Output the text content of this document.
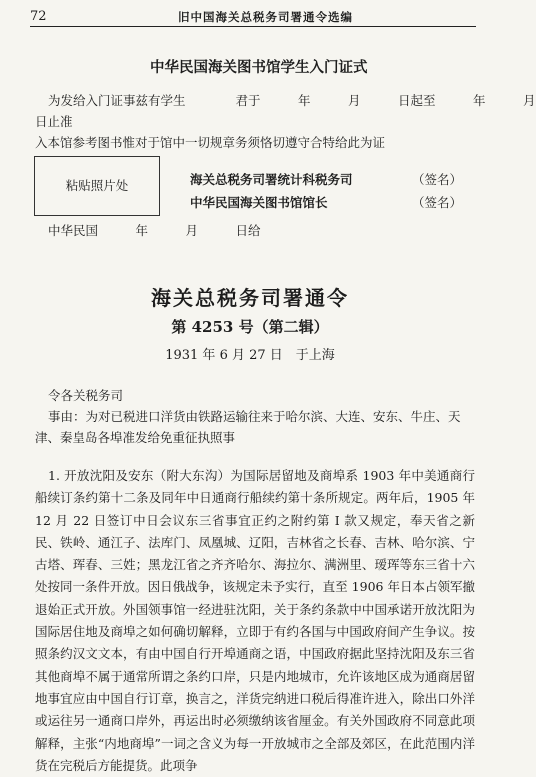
72	旧中国海关总税务司署通令选编
中华民国海关图书馆学生入门证式
为发给入门证事兹有学生　　　　君于　　　年　　　月　　　日起至　　　年　　　月
日止准
入本馆参考图书惟对于馆中一切规章务须恪切遵守合特给此为证
粘贴照片处	海关总税务司署统计科税务司	（签名）
中华民国海关图书馆馆长	（签名）
中华民国　　　年　　　月　　　日给
海关总税务司署通令
第 4253 号（第二辑）
1931 年 6 月 27 日　于上海
令各关税务司
事由：为对已税进口洋货由铁路运输往来于哈尔滨、大连、安东、牛庄、天
津、秦皇岛各埠准发给免重征执照事
1. 开放沈阳及安东（附大东沟）为国际居留地及商埠系 1903 年中美通商行船续订条约第十二条及同年中日通商行船续约第十条所规定。两年后，1905 年 12 月 22 日签订中日会议东三省事宜正约之附约第 I 款又规定，奉天省之新民、铁岭、通江子、法库门、凤凰城、辽阳，吉林省之长春、吉林、哈尔滨、宁古塔、珲春、三姓；黑龙江省之齐齐哈尔、海拉尔、满洲里、瑷珲等东三省十六处按同一条件开放。因日俄战争，该规定未予实行，直至 1906 年日本占领军撤退始正式开放。外国领事馆一经进驻沈阳，关于条约条款中中国承诺开放沈阳为国际居住地及商埠之如何确切解释，立即于有约各国与中国政府间产生争议。按照条约汉文文本，有由中国自行开埠通商之语，中国政府据此坚持沈阳及东三省其他商埠不属于通常所谓之条约口岸，只是内地城市，允许该地区成为通商居留地事宜应由中国自行订章，换言之，洋货完纳进口税后得准许进入，除出口外洋或运往另一通商口岸外，再运出时必须缴纳该省厘金。有关外国政府不同意此项解释，主张“内地商埠”一词之含义为每一开放城市之全部及郊区，在此范围内洋货在完税后方能提货。此项争
